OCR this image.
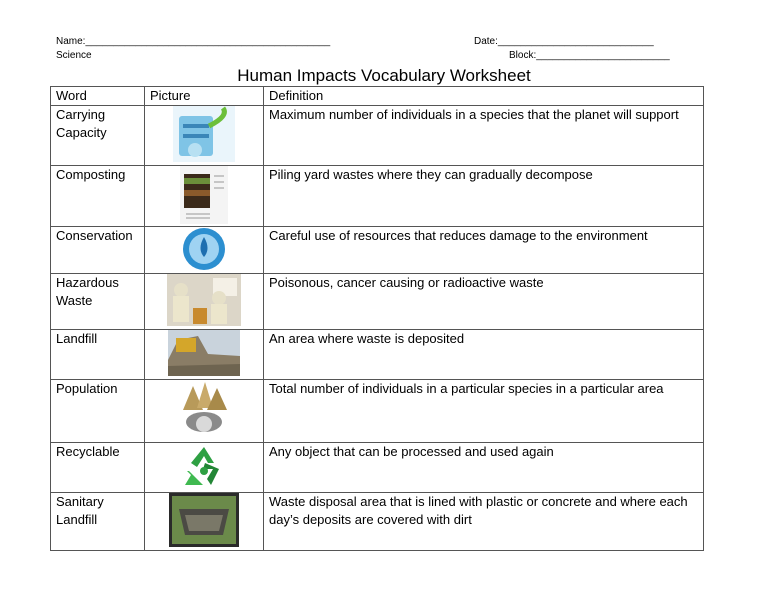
Name:____________________________________________
Science
Date:____________________________
Block:________________________
Human Impacts Vocabulary Worksheet
Word	Picture	Definition
Carrying Capacity		Maximum number of individuals in a species that the planet will support
Composting		Piling yard wastes where they can gradually decompose
Conservation		Careful use of resources that reduces damage to the environment
Hazardous Waste		Poisonous, cancer causing or radioactive waste
Landfill		An area where waste is deposited
Population		Total number of individuals in a particular species in a particular area
Recyclable		Any object that can be processed and used again
Sanitary Landfill		Waste disposal area that is lined with plastic or concrete and where each day’s deposits are covered with dirt
